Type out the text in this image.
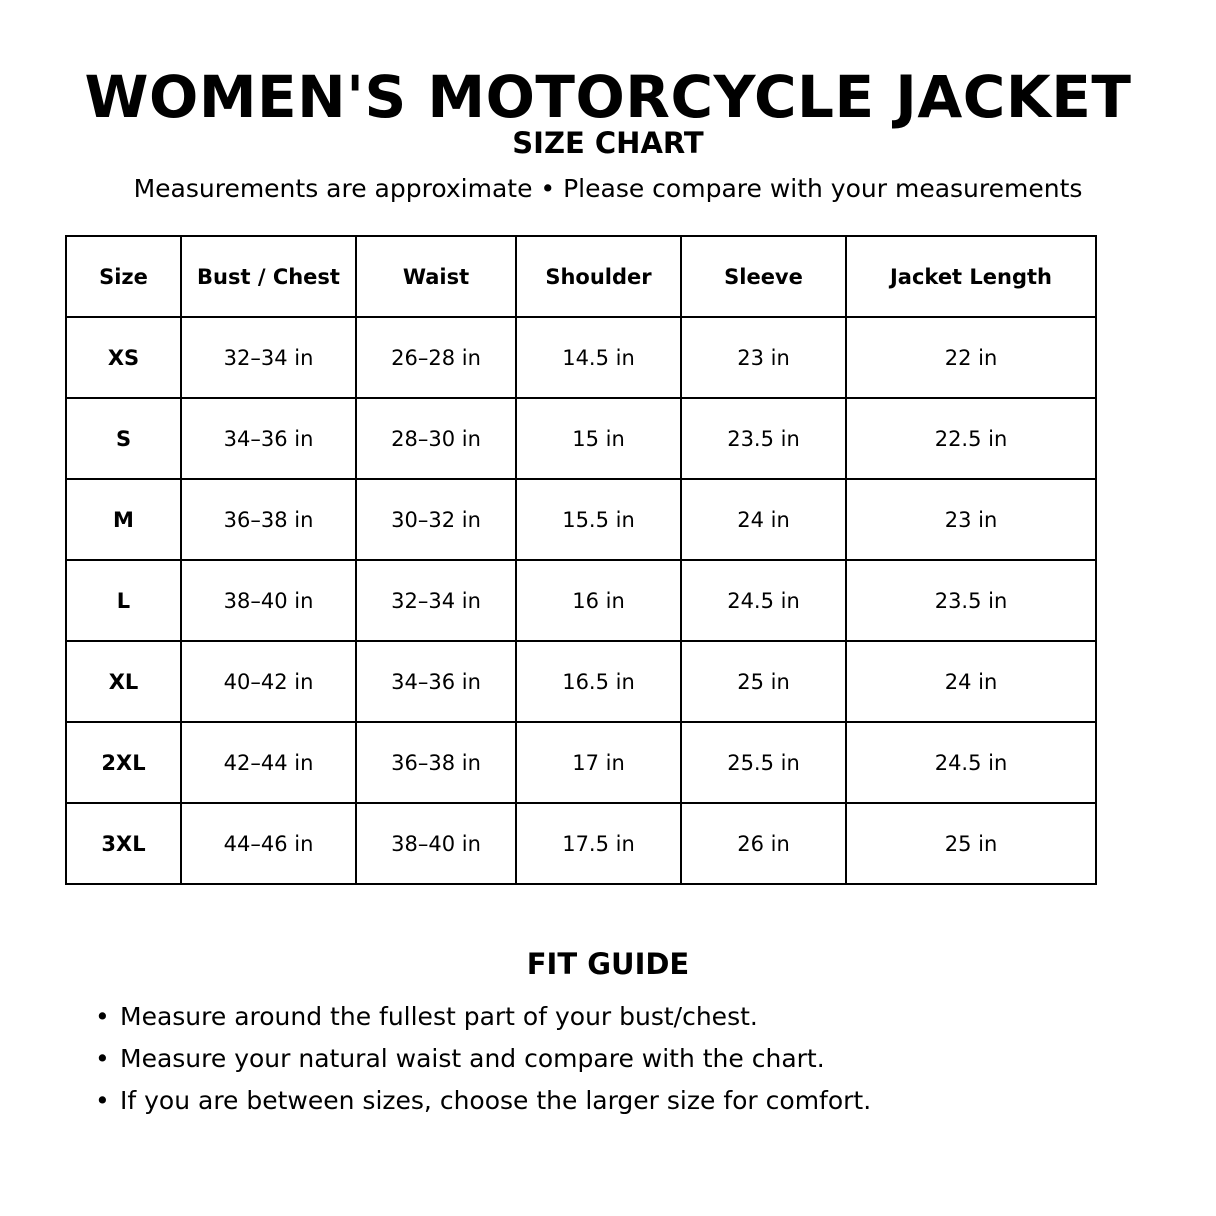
WOMEN'S MOTORCYCLE JACKET
SIZE CHART
Measurements are approximate • Please compare with your measurements
Size	Bust / Chest	Waist	Shoulder	Sleeve	Jacket Length
XS	32–34 in	26–28 in	14.5 in	23 in	22 in
S	34–36 in	28–30 in	15 in	23.5 in	22.5 in
M	36–38 in	30–32 in	15.5 in	24 in	23 in
L	38–40 in	32–34 in	16 in	24.5 in	23.5 in
XL	40–42 in	34–36 in	16.5 in	25 in	24 in
2XL	42–44 in	36–38 in	17 in	25.5 in	24.5 in
3XL	44–46 in	38–40 in	17.5 in	26 in	25 in
FIT GUIDE
• Measure around the fullest part of your bust/chest.
• Measure your natural waist and compare with the chart.
• If you are between sizes, choose the larger size for comfort.
